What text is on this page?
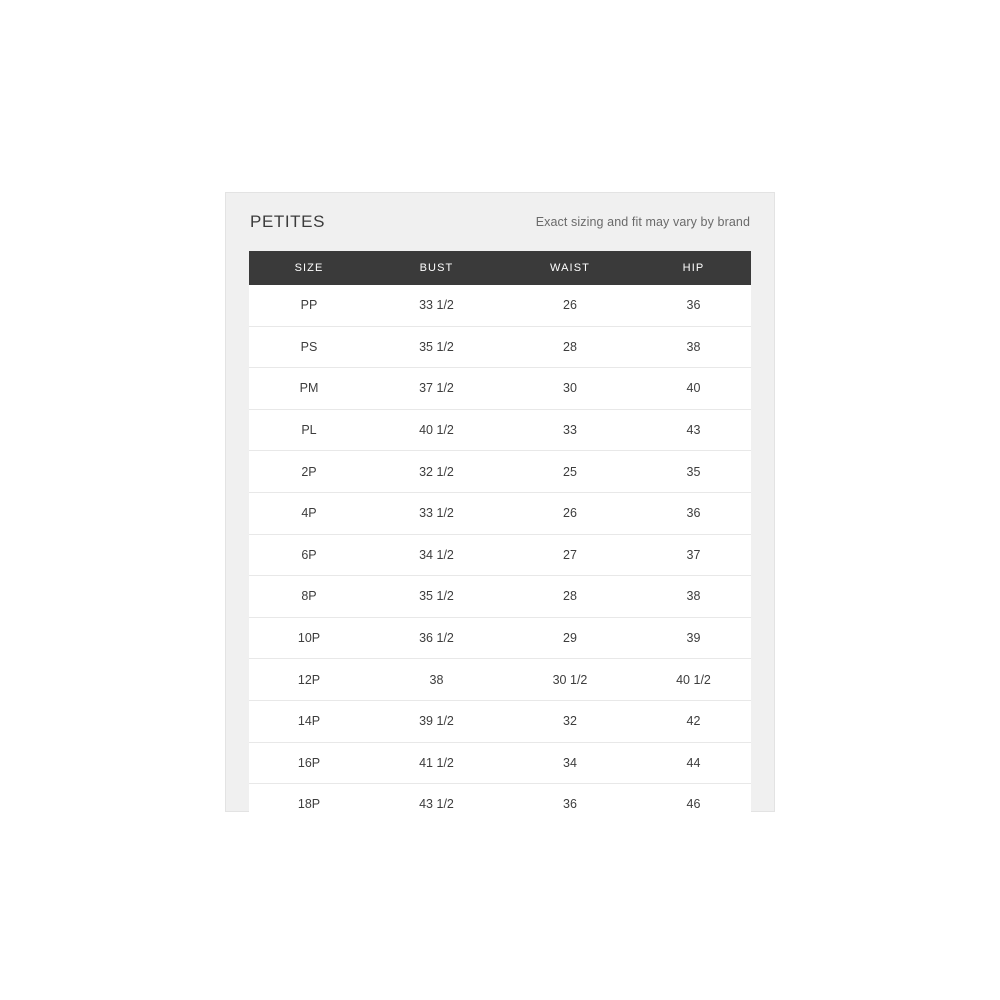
PETITES	Exact sizing and fit may vary by brand
SIZE	BUST	WAIST	HIP
PP	33 1/2	26	36
PS	35 1/2	28	38
PM	37 1/2	30	40
PL	40 1/2	33	43
2P	32 1/2	25	35
4P	33 1/2	26	36
6P	34 1/2	27	37
8P	35 1/2	28	38
10P	36 1/2	29	39
12P	38	30 1/2	40 1/2
14P	39 1/2	32	42
16P	41 1/2	34	44
18P	43 1/2	36	46
